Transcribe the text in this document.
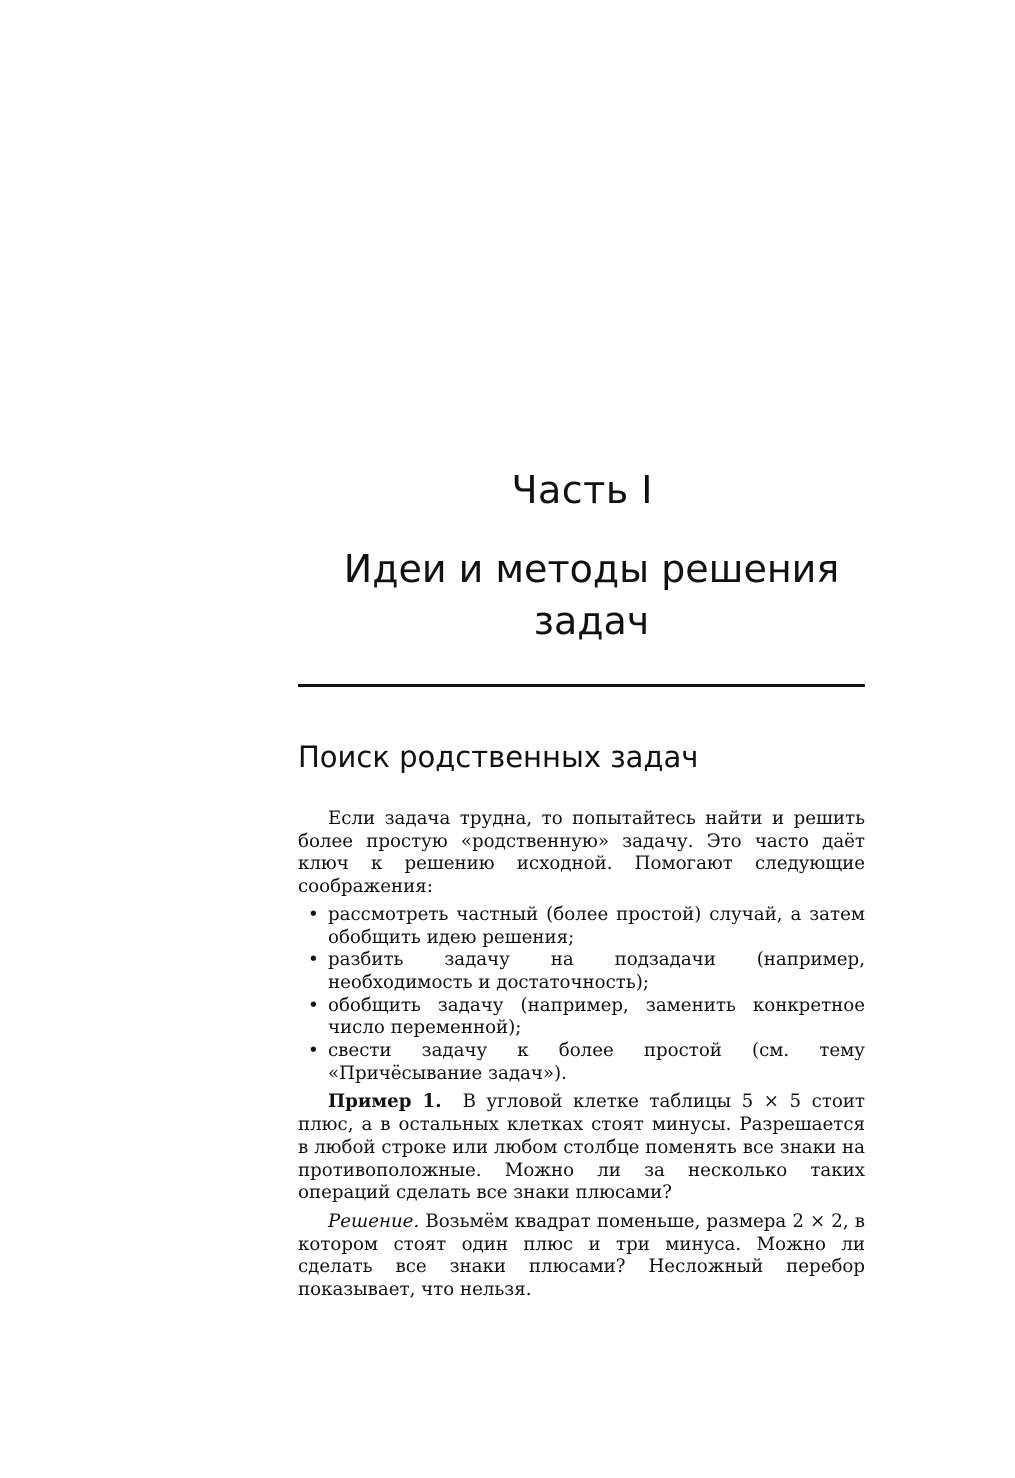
Часть I
Идеи и методы решения
задач
Поиск родственных задач

Если задача трудна, то попытайтесь найти и решить более простую «родственную» задачу. Это часто даёт ключ к решению исходной. Помогают следующие соображения:

• рассмотреть частный (более простой) случай, а затем обобщить идею решения;
• разбить задачу на подзадачи (например, необходимость и достаточность);
• обобщить задачу (например, заменить конкретное число переменной);
• свести задачу к более простой (см. тему «Причёсывание задач»).

Пример 1. В угловой клетке таблицы 5 × 5 стоит плюс, а в остальных клетках стоят минусы. Разрешается в любой строке или любом столбце поменять все знаки на противоположные. Можно ли за несколько таких операций сделать все знаки плюсами?

Решение. Возьмём квадрат поменьше, размера 2 × 2, в котором стоят один плюс и три минуса. Можно ли сделать все знаки плюсами? Несложный перебор показывает, что нельзя.
